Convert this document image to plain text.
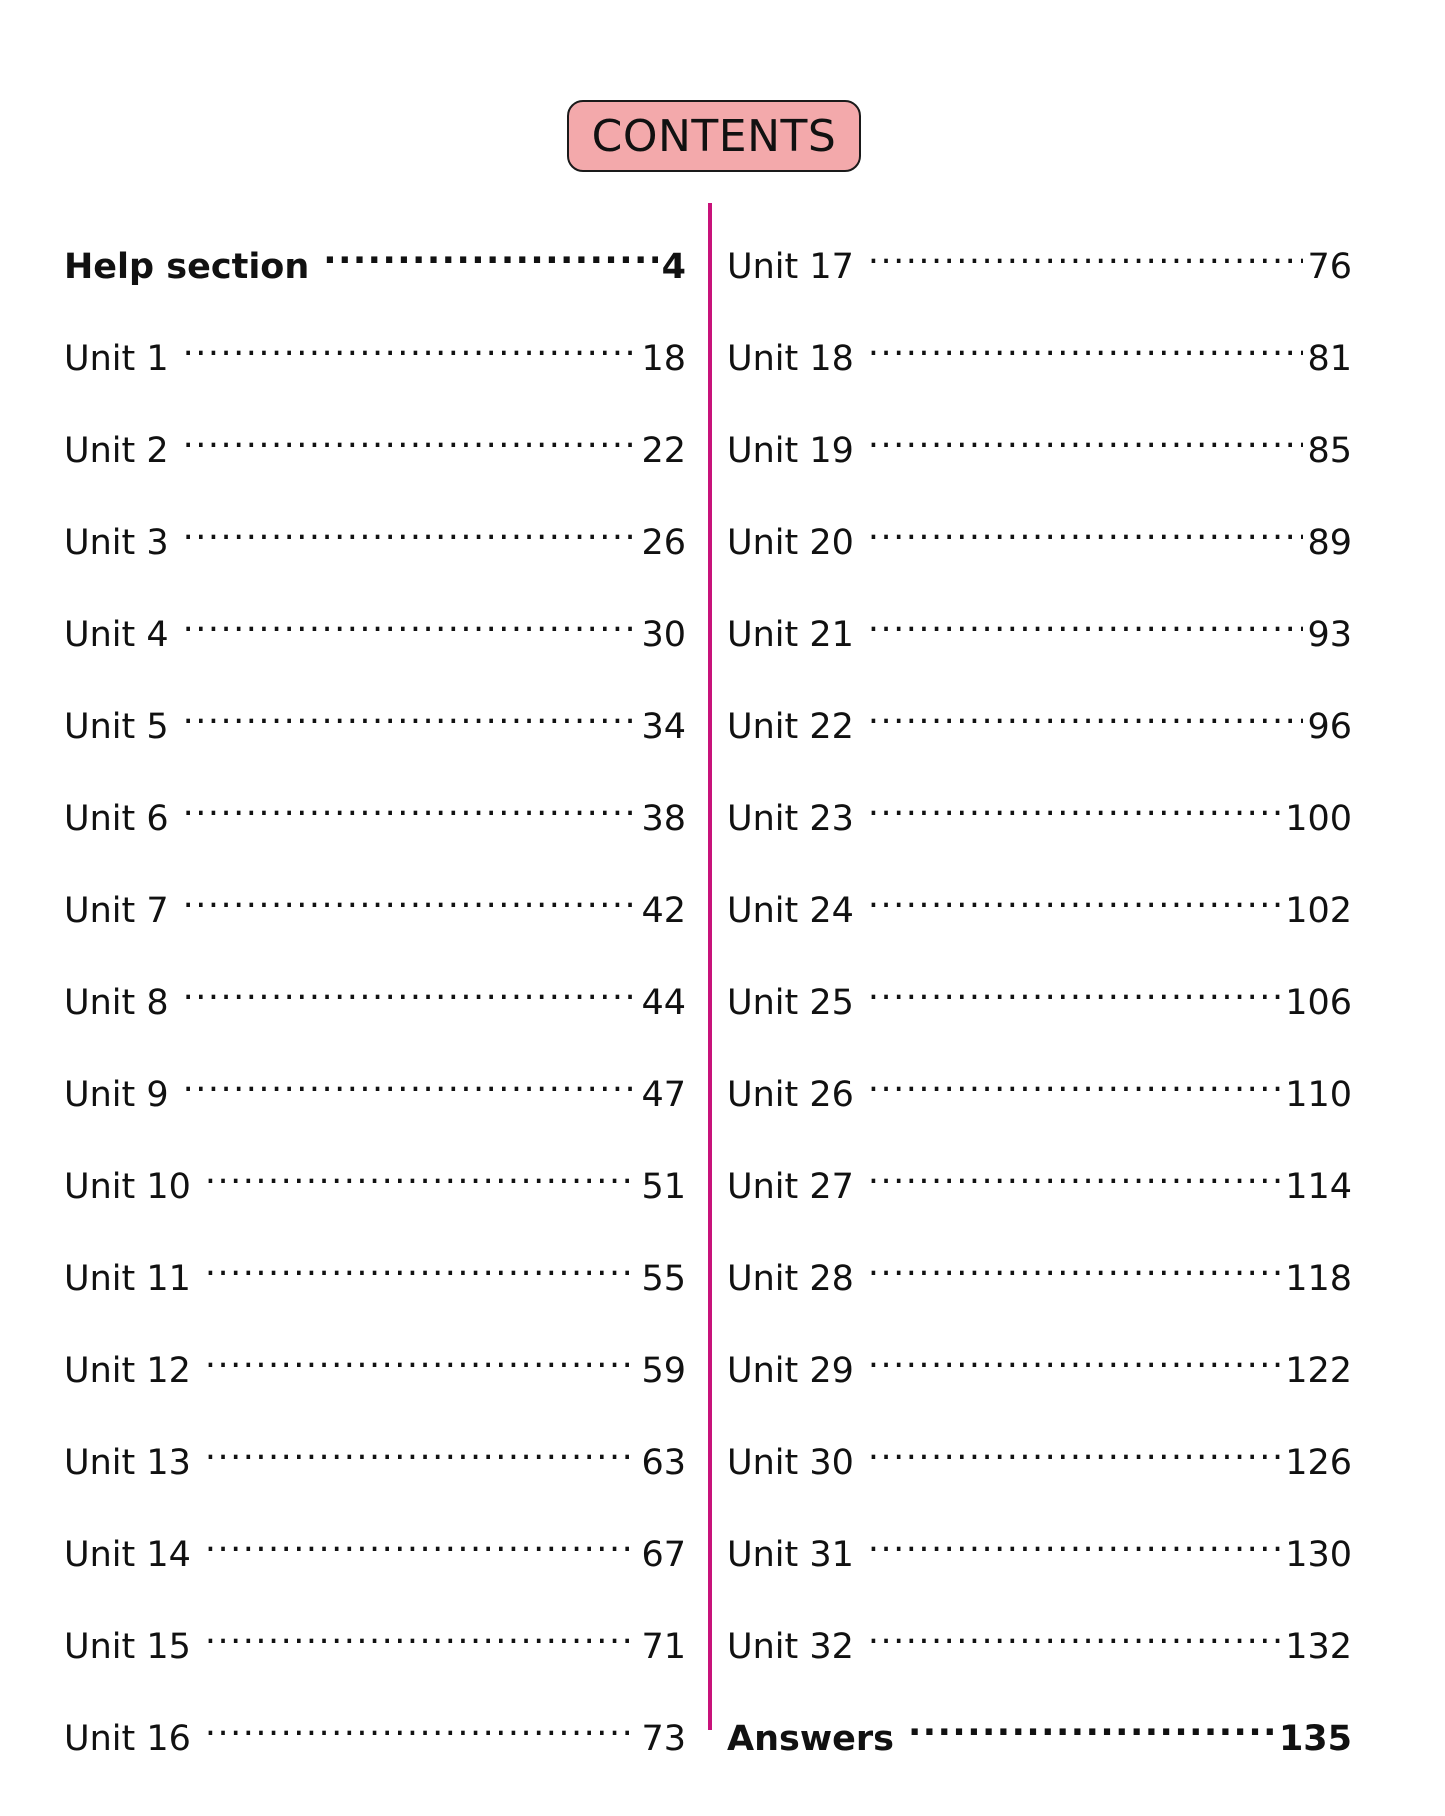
CONTENTS
Help section .....	4
Unit 1 .....	18
Unit 2 .....	22
Unit 3 .....	26
Unit 4 .....	30
Unit 5 .....	34
Unit 6 .....	38
Unit 7 .....	42
Unit 8 .....	44
Unit 9 .....	47
Unit 10 .....	51
Unit 11 .....	55
Unit 12 .....	59
Unit 13 .....	63
Unit 14 .....	67
Unit 15 .....	71
Unit 16 .....	73
Unit 17 .....	76
Unit 18 .....	81
Unit 19 .....	85
Unit 20 .....	89
Unit 21 .....	93
Unit 22 .....	96
Unit 23 .....	100
Unit 24 .....	102
Unit 25 .....	106
Unit 26 .....	110
Unit 27 .....	114
Unit 28 .....	118
Unit 29 .....	122
Unit 30 .....	126
Unit 31 .....	130
Unit 32 .....	132
Answers .....	135
